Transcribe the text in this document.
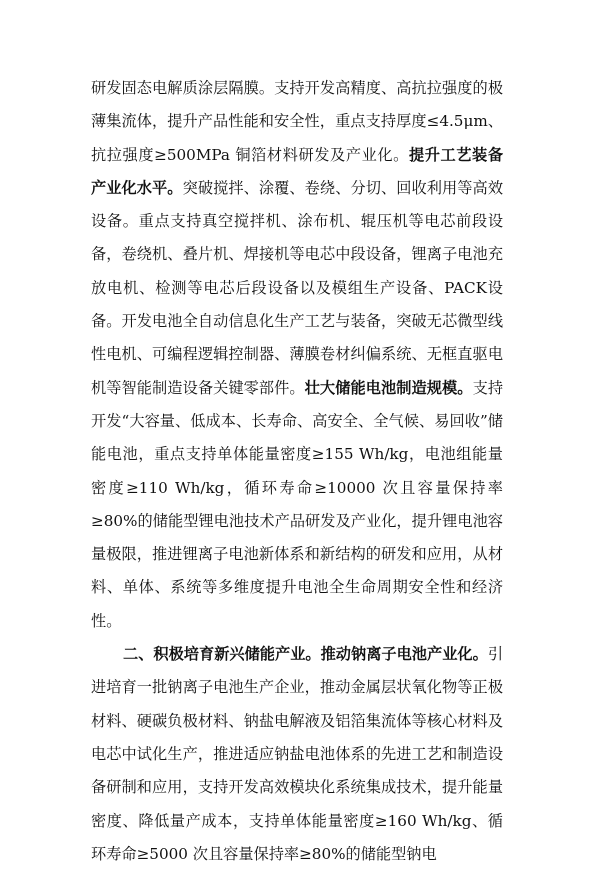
研发固态电解质涂层隔膜。支持开发高精度、高抗拉强度的极薄集流体，提升产品性能和安全性，重点支持厚度≤4.5μm、抗拉强度≥500MPa 铜箔材料研发及产业化。提升工艺装备产业化水平。突破搅拌、涂覆、卷绕、分切、回收利用等高效设备。重点支持真空搅拌机、涂布机、辊压机等电芯前段设备，卷绕机、叠片机、焊接机等电芯中段设备，锂离子电池充放电机、检测等电芯后段设备以及模组生产设备、PACK设备。开发电池全自动信息化生产工艺与装备，突破无芯微型线性电机、可编程逻辑控制器、薄膜卷材纠偏系统、无框直驱电机等智能制造设备关键零部件。壮大储能电池制造规模。支持开发“大容量、低成本、长寿命、高安全、全气候、易回收”储能电池，重点支持单体能量密度≥155 Wh/kg，电池组能量密度≥110 Wh/kg，循环寿命≥10000 次且容量保持率≥80%的储能型锂电池技术产品研发及产业化，提升锂电池容量极限，推进锂离子电池新体系和新结构的研发和应用，从材料、单体、系统等多维度提升电池全生命周期安全性和经济性。

二、积极培育新兴储能产业。推动钠离子电池产业化。引进培育一批钠离子电池生产企业，推动金属层状氧化物等正极材料、硬碳负极材料、钠盐电解液及铝箔集流体等核心材料及电芯中试化生产，推进适应钠盐电池体系的先进工艺和制造设备研制和应用，支持开发高效模块化系统集成技术，提升能量密度、降低量产成本，支持单体能量密度≥160 Wh/kg、循环寿命≥5000 次且容量保持率≥80%的储能型钠电
